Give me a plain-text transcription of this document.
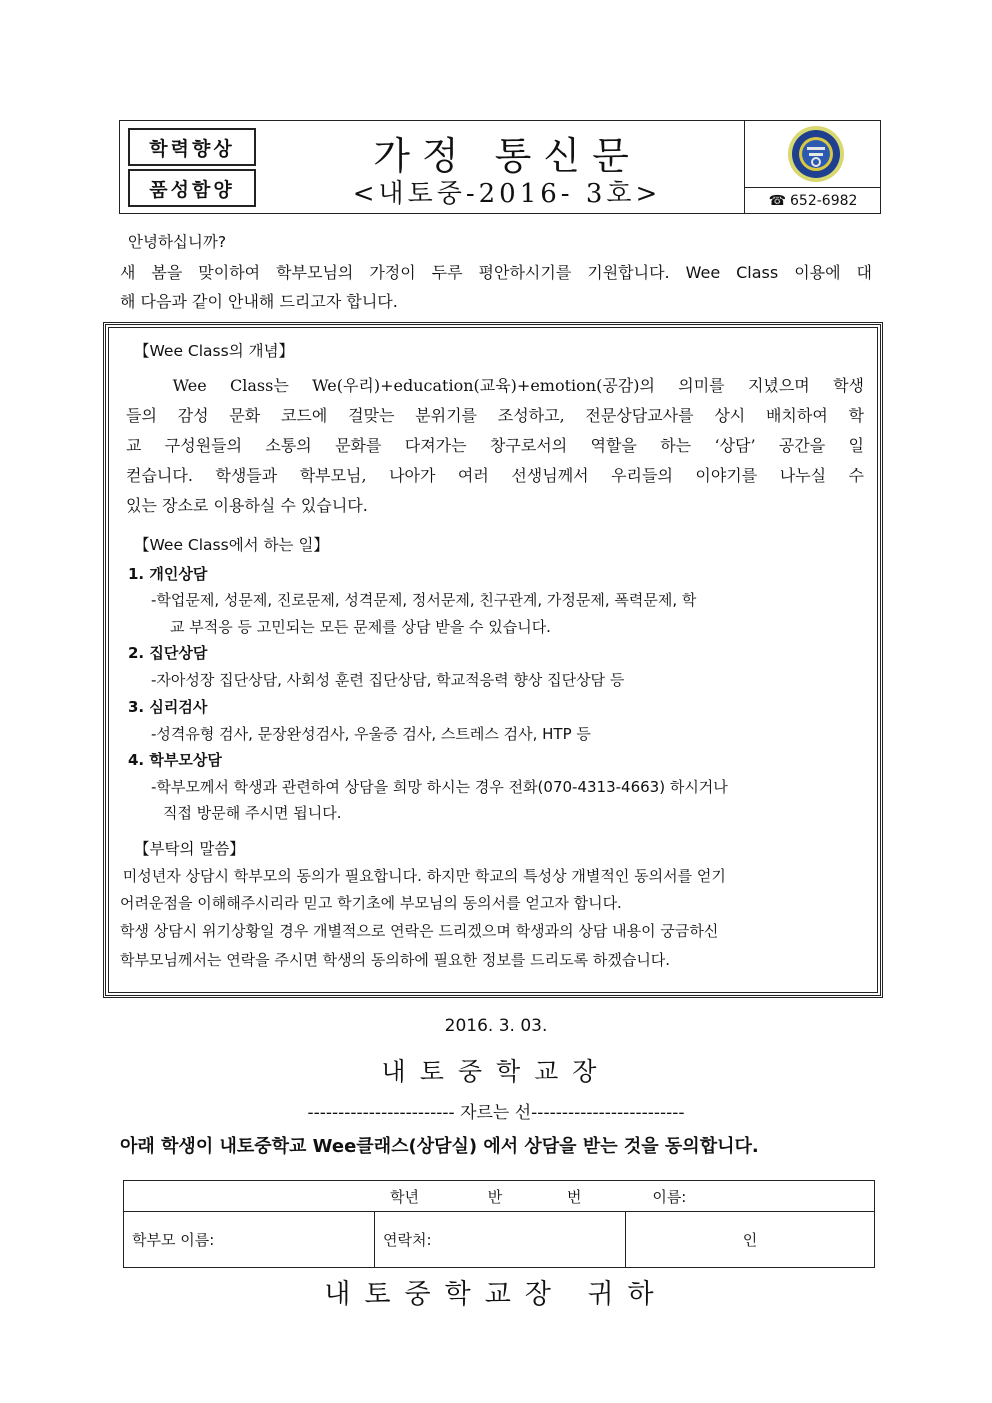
학력향상
품성함양
가정 통신문
<내토중-2016- 3호>	☎ 652-6982
안녕하십니까?
새 봄을 맞이하여 학부모님의 가정이 두루 평안하시기를 기원합니다. Wee Class 이용에 대
해 다음과 같이 안내해 드리고자 합니다.
【Wee Class의 개념】
Wee Class는 We(우리)+education(교육)+emotion(공감)의 의미를 지녔으며 학생
들의 감성 문화 코드에 걸맞는 분위기를 조성하고, 전문상담교사를 상시 배치하여 학
교 구성원들의 소통의 문화를 다져가는 창구로서의 역할을 하는 ‘상담’ 공간을 일
컫습니다. 학생들과 학부모님, 나아가 여러 선생님께서 우리들의 이야기를 나누실 수
있는 장소로 이용하실 수 있습니다.
【Wee Class에서 하는 일】
1. 개인상담
-학업문제, 성문제, 진로문제, 성격문제, 정서문제, 친구관계, 가정문제, 폭력문제, 학
교 부적응 등 고민되는 모든 문제를 상담 받을 수 있습니다.
2. 집단상담
-자아성장 집단상담, 사회성 훈련 집단상담, 학교적응력 향상 집단상담 등
3. 심리검사
-성격유형 검사, 문장완성검사, 우울증 검사, 스트레스 검사, HTP 등
4. 학부모상담
-학부모께서 학생과 관련하여 상담을 희망 하시는 경우 전화(070-4313-4663) 하시거나
직접 방문해 주시면 됩니다.
【부탁의 말씀】
미성년자 상담시 학부모의 동의가 필요합니다. 하지만 학교의 특성상 개별적인 동의서를 얻기
어려운점을 이해해주시리라 믿고 학기초에 부모님의 동의서를 얻고자 합니다.
학생 상담시 위기상황일 경우 개별적으로 연락은 드리겠으며 학생과의 상담 내용이 궁금하신
학부모님께서는 연락을 주시면 학생의 동의하에 필요한 정보를 드리도록 하겠습니다.
2016. 3. 03.
내토중학교장
------------------------ 자르는 선-------------------------
아래 학생이 내토중학교 Wee클래스(상담실) 에서 상담을 받는 것을 동의합니다.
학년	반	번	이름:
학부모 이름:	연락처:	인
내토중학교장 귀하
